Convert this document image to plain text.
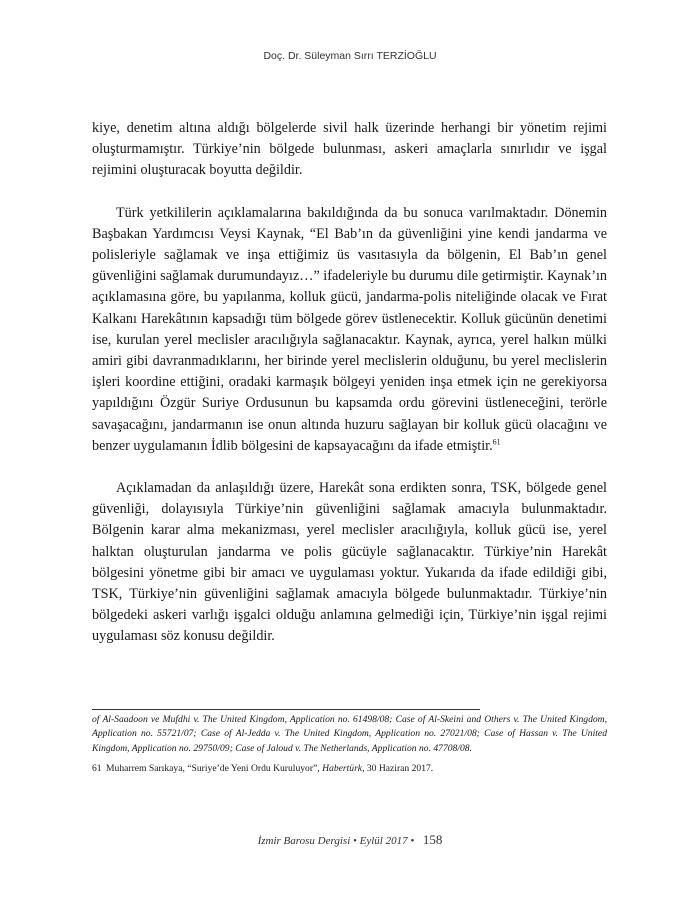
Doç. Dr. Süleyman Sırrı TERZİOĞLU

kiye, denetim altına aldığı bölgelerde sivil halk üzerinde herhangi bir yönetim rejimi oluşturmamıştır. Türkiye’nin bölgede bulunması, askeri amaçlarla sınırlıdır ve işgal rejimini oluşturacak boyutta değildir.

Türk yetkililerin açıklamalarına bakıldığında da bu sonuca varılmaktadır. Dönemin Başbakan Yardımcısı Veysi Kaynak, “El Bab’ın da güvenliğini yine kendi jandarma ve polisleriyle sağlamak ve inşa ettiğimiz üs vasıtasıyla da bölgenin, El Bab’ın genel güvenliğini sağlamak durumundayız…” ifadeleriyle bu durumu dile getirmiştir. Kaynak’ın açıklamasına göre, bu yapılanma, kolluk gücü, jandarma-polis niteliğinde olacak ve Fırat Kalkanı Harekâtının kapsadığı tüm bölgede görev üstlenecektir. Kolluk gücünün denetimi ise, kurulan yerel meclisler aracılığıyla sağlanacaktır. Kaynak, ayrıca, yerel halkın mülki amiri gibi davranmadıklarını, her birinde yerel meclislerin olduğunu, bu yerel meclislerin işleri koordine ettiğini, oradaki karmaşık bölgeyi yeniden inşa etmek için ne gerekiyorsa yapıldığını Özgür Suriye Ordusunun bu kapsamda ordu görevini üstleneceğini, terörle savaşacağını, jandarmanın ise onun altında huzuru sağlayan bir kolluk gücü olacağını ve benzer uygulamanın İdlib bölgesini de kapsayacağını da ifade etmiştir.$^{61}$

Açıklamadan da anlaşıldığı üzere, Harekât sona erdikten sonra, TSK, bölgede genel güvenliği, dolayısıyla Türkiye’nin güvenliğini sağlamak amacıyla bulunmaktadır. Bölgenin karar alma mekanizması, yerel meclisler aracılığıyla, kolluk gücü ise, yerel halktan oluşturulan jandarma ve polis gücüyle sağlanacaktır. Türkiye’nin Harekât bölgesini yönetme gibi bir amacı ve uygulaması yoktur. Yukarıda da ifade edildiği gibi, TSK, Türkiye’nin güvenliğini sağlamak amacıyla bölgede bulunmaktadır. Türkiye’nin bölgedeki askeri varlığı işgalci olduğu anlamına gelmediği için, Türkiye’nin işgal rejimi uygulaması söz konusu değildir.

of Al-Saadoon ve Mufdhi v. The United Kingdom, Application no. 61498/08; Case of Al-Skeini and Others v. The United Kingdom, Application no. 55721/07; Case of Al-Jedda v. The United Kingdom, Application no. 27021/08; Case of Hassan v. The United Kingdom, Application no. 29750/09; Case of Jaloud v. The Netherlands, Application no. 47708/08.

61 Muharrem Sarıkaya, “Suriye’de Yeni Ordu Kuruluyor”, Habertürk, 30 Haziran 2017.

İzmir Barosu Dergisi • Eylül 2017 • 158
